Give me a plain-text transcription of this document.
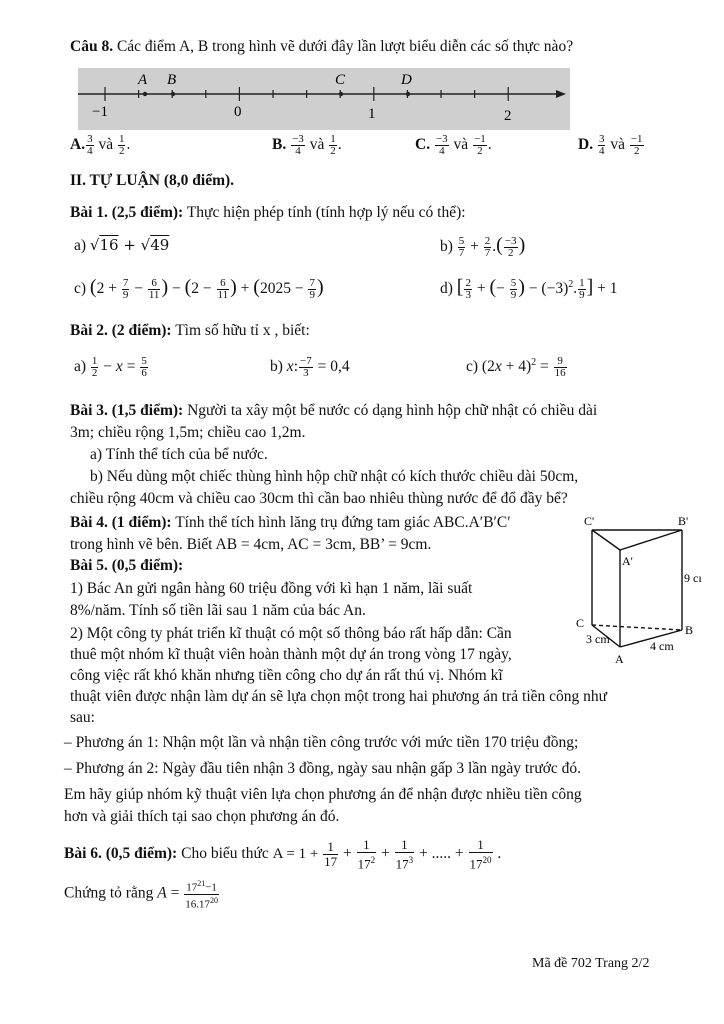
Câu 8. Các điểm A, B trong hình vẽ dưới đây lần lượt biểu diễn các số thực nào?
A B	C	D
−1	0	1	2
A. $\frac{3}{4}$ và $\frac{1}{2}$ .	B. $\frac{-3}{4}$ và $\frac{1}{2}$ .	C. $\frac{-3}{4}$ và $\frac{-1}{2}$ .	D. $\frac{3}{4}$ và $\frac{-1}{2}$
II. TỰ LUẬN (8,0 điểm).
Bài 1. (2,5 điểm): Thực hiện phép tính (tính hợp lý nếu có thể):
a) √16 + √49	$b) \frac{5}{7} + \frac{2}{7}$ .( $\frac{-3}{2}$ )
c) ($2 + \frac{7}{9} - \frac{6}{11}$ ) − ($2 - \frac{6}{11}$ ) + ($2025 - \frac{7}{9}$ )	d) [ $\frac{2}{3}$ + (− $\frac{5}{9}$ ) − $(-3)^2$. $\frac{1}{9}$ ] + 1
Bài 2. (2 điểm): Tìm số hữu tỉ x , biết:
$a) \frac{1}{2} - x = \frac{5}{6}$	b) x: $\frac{-7}{3} = 0,4$	c) $(2x + 4)^2 = \frac{9}{16}$
Bài 3. (1,5 điểm): Người ta xây một bể nước có dạng hình hộp chữ nhật có chiều dài
3m; chiều rộng 1,5m; chiều cao 1,2m.
a) Tính thể tích của bể nước.
b) Nếu dùng một chiếc thùng hình hộp chữ nhật có kích thước chiều dài 50cm,
chiều rộng 40cm và chiều cao 30cm thì cần bao nhiêu thùng nước để đổ đầy bể?
Bài 4. (1 điểm): Tính thể tích hình lăng trụ đứng tam giác ABC.A′B′C′
trong hình vẽ bên. Biết AB = 4cm, AC = 3cm, BB’ = 9cm.
C'	B'
A'
9 cı
C	B
3 cm	4 cm
A
Bài 5. (0,5 điểm):
1) Bác An gửi ngân hàng 60 triệu đồng với kì hạn 1 năm, lãi suất
8%/năm. Tính số tiền lãi sau 1 năm của bác An.
2) Một công ty phát triển kĩ thuật có một số thông báo rất hấp dẫn: Cần
thuê một nhóm kĩ thuật viên hoàn thành một dự án trong vòng 17 ngày,
công việc rất khó khăn nhưng tiền công cho dự án rất thú vị. Nhóm kĩ
thuật viên được nhận làm dự án sẽ lựa chọn một trong hai phương án trả tiền công như
sau:
– Phương án 1: Nhận một lần và nhận tiền công trước với mức tiền 170 triệu đồng;
– Phương án 2: Ngày đầu tiên nhận 3 đồng, ngày sau nhận gấp 3 lần ngày trước đó.
Em hãy giúp nhóm kỹ thuật viên lựa chọn phương án để nhận được nhiều tiền công
hơn và giải thích tại sao chọn phương án đó.
Bài 6. (0,5 điểm): Cho biểu thức $A = 1 + \frac{1}{17} + \frac{1}{17^2} + \frac{1}{17^3}$ + ..... + $\frac{1}{17^{20}}$ .
Chứng tỏ rằng $A = \frac{17^{21}-1}{16.17^{20}}$
Mã đề 702 Trang 2/2
